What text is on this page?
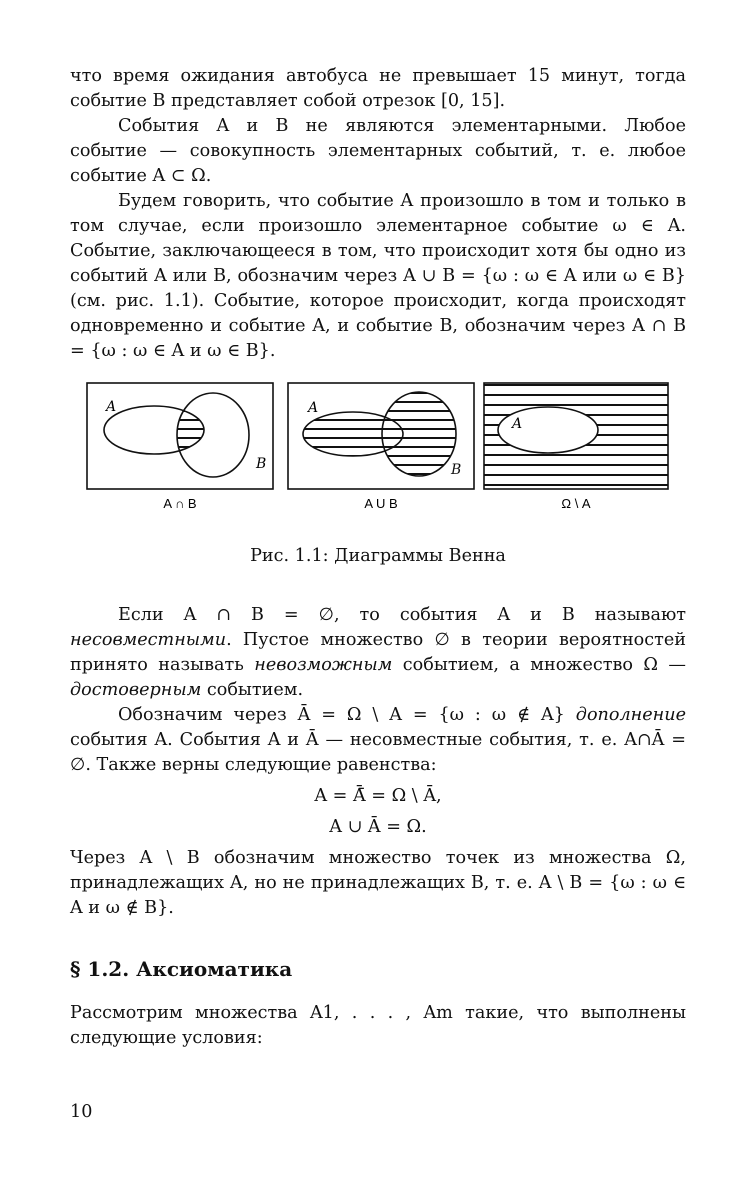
что время ожидания автобуса не превышает 15 минут, тогда событие B представляет собой отрезок [0, 15].

События A и B не являются элементарными. Любое событие — совокупность элементарных событий, т. е. любое событие A ⊂ Ω.

Будем говорить, что событие A произошло в том и только в том случае, если произошло элементарное событие ω ∈ A. Событие, заключающееся в том, что происходит хотя бы одно из событий A или B, обозначим через A ∪ B = {ω : ω ∈ A или ω ∈ B} (см. рис. 1.1). Событие, которое происходит, когда происходят одновременно и событие A, и событие B, обозначим через A ∩ B = {ω : ω ∈ A и ω ∈ B}.

A
B
A
B
A
A ∩ B	A U B	Ω \ A

Рис. 1.1: Диаграммы Венна

Если A ∩ B = ∅, то события A и B называют несовместными. Пустое множество ∅ в теории вероятностей принято называть невозможным событием, а множество Ω — достоверным событием.

Обозначим через Ā = Ω \ A = {ω : ω ∉ A} дополнение события A. События A и Ā — несовместные события, т. е. A∩Ā = ∅. Также верны следующие равенства:

A = Ā̄ = Ω \ Ā,
A ∪ Ā = Ω.

Через A \ B обозначим множество точек из множества Ω, принадлежащих A, но не принадлежащих B, т. е. A \ B = {ω : ω ∈ A и ω ∉ B}.

§ 1.2. Аксиоматика

Рассмотрим множества A1, . . . , Am такие, что выполнены следующие условия:

10
